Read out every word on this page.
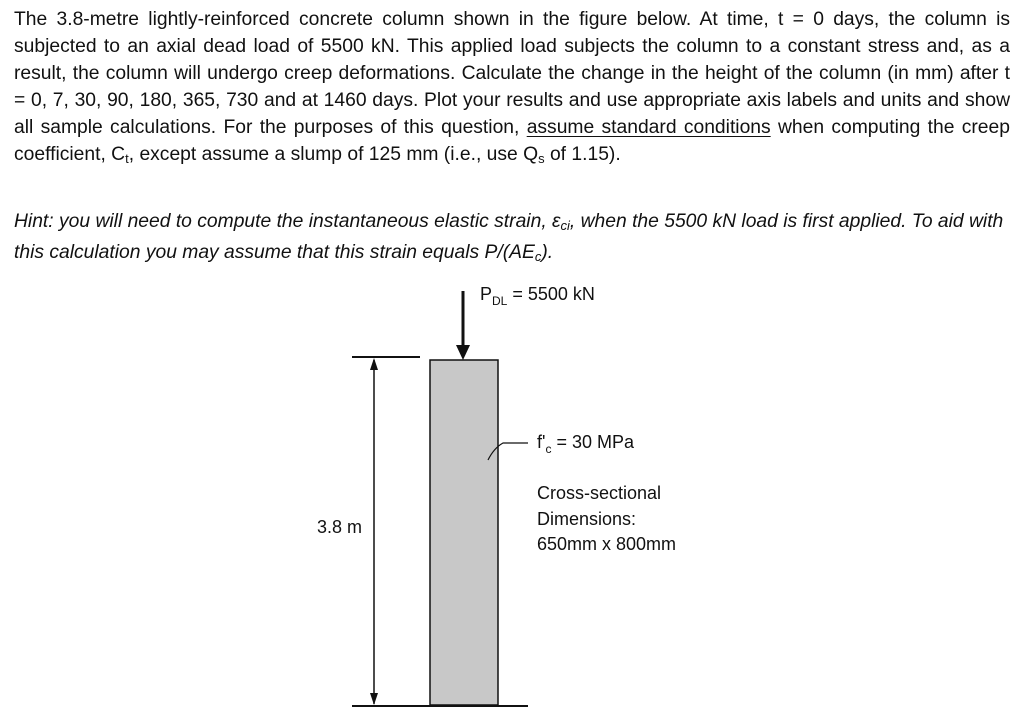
The 3.8-metre lightly-reinforced concrete column shown in the figure below. At time, t = 0 days, the column is subjected to an axial dead load of 5500 kN. This applied load subjects the column to a constant stress and, as a result, the column will undergo creep deformations. Calculate the change in the height of the column (in mm) after t = 0, 7, 30, 90, 180, 365, 730 and at 1460 days. Plot your results and use appropriate axis labels and units and show all sample calculations. For the purposes of this question, assume standard conditions when computing the creep coefficient, $C_t$, except assume a slump of 125 mm (i.e., use $Q_s$ of 1.15).

Hint: you will need to compute the instantaneous elastic strain, $\varepsilon_{ci}$, when the 5500 kN load is first applied. To aid with this calculation you may assume that this strain equals $P/(AE_c)$.

3.8 m
$P_{DL} = 5500$ kN
$f'_c = 30$ MPa
Cross-sectional
Dimensions:
650mm x 800mm
